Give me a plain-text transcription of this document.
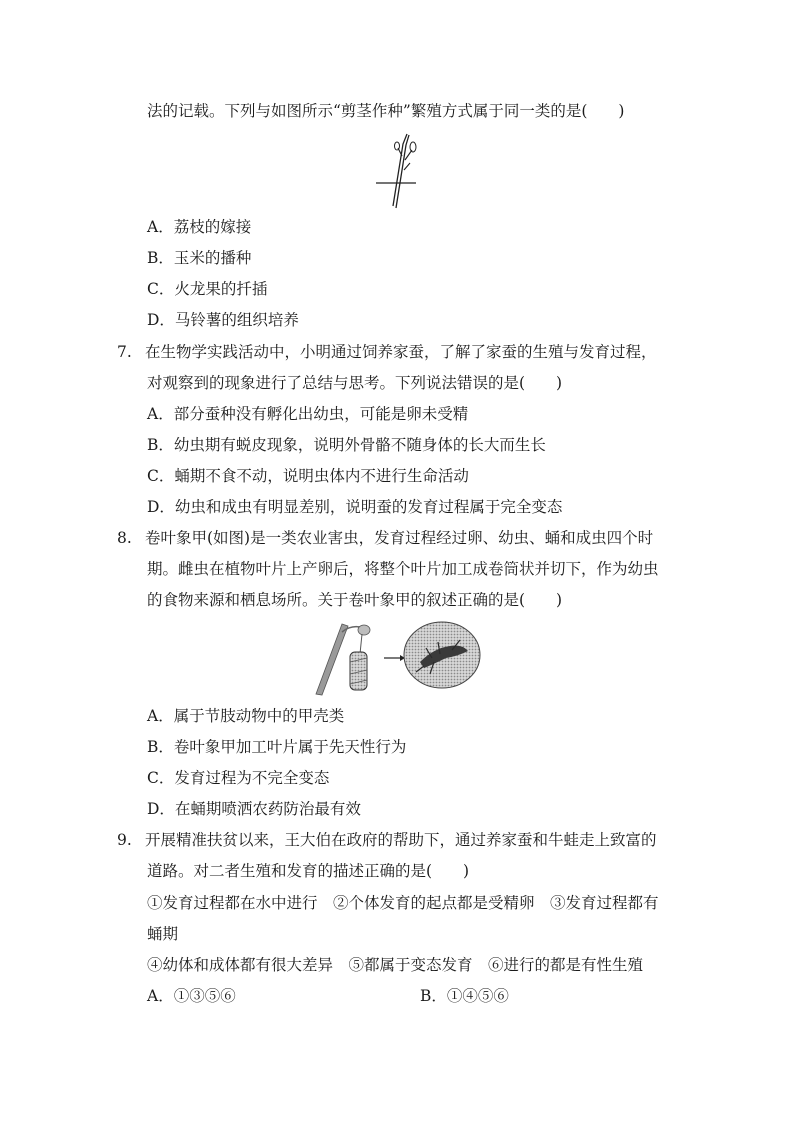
法的记载。下列与如图所示“剪茎作种”繁殖方式属于同一类的是(　　)
A．荔枝的嫁接
B．玉米的播种
C．火龙果的扦插
D．马铃薯的组织培养
7. 在生物学实践活动中，小明通过饲养家蚕，了解了家蚕的生殖与发育过程，
对观察到的现象进行了总结与思考。下列说法错误的是(　　)
A．部分蚕种没有孵化出幼虫，可能是卵未受精
B．幼虫期有蜕皮现象，说明外骨骼不随身体的长大而生长
C．蛹期不食不动，说明虫体内不进行生命活动
D．幼虫和成虫有明显差别，说明蚕的发育过程属于完全变态
8. 卷叶象甲(如图)是一类农业害虫，发育过程经过卵、幼虫、蛹和成虫四个时
期。雌虫在植物叶片上产卵后，将整个叶片加工成卷筒状并切下，作为幼虫
的食物来源和栖息场所。关于卷叶象甲的叙述正确的是(　　)
A．属于节肢动物中的甲壳类
B．卷叶象甲加工叶片属于先天性行为
C．发育过程为不完全变态
D．在蛹期喷洒农药防治最有效
9. 开展精准扶贫以来，王大伯在政府的帮助下，通过养家蚕和牛蛙走上致富的
道路。对二者生殖和发育的描述正确的是(　　)
①发育过程都在水中进行　②个体发育的起点都是受精卵　③发育过程都有
蛹期
④幼体和成体都有很大差异　⑤都属于变态发育　⑥进行的都是有性生殖
A．①③⑤⑥	B．①④⑤⑥
